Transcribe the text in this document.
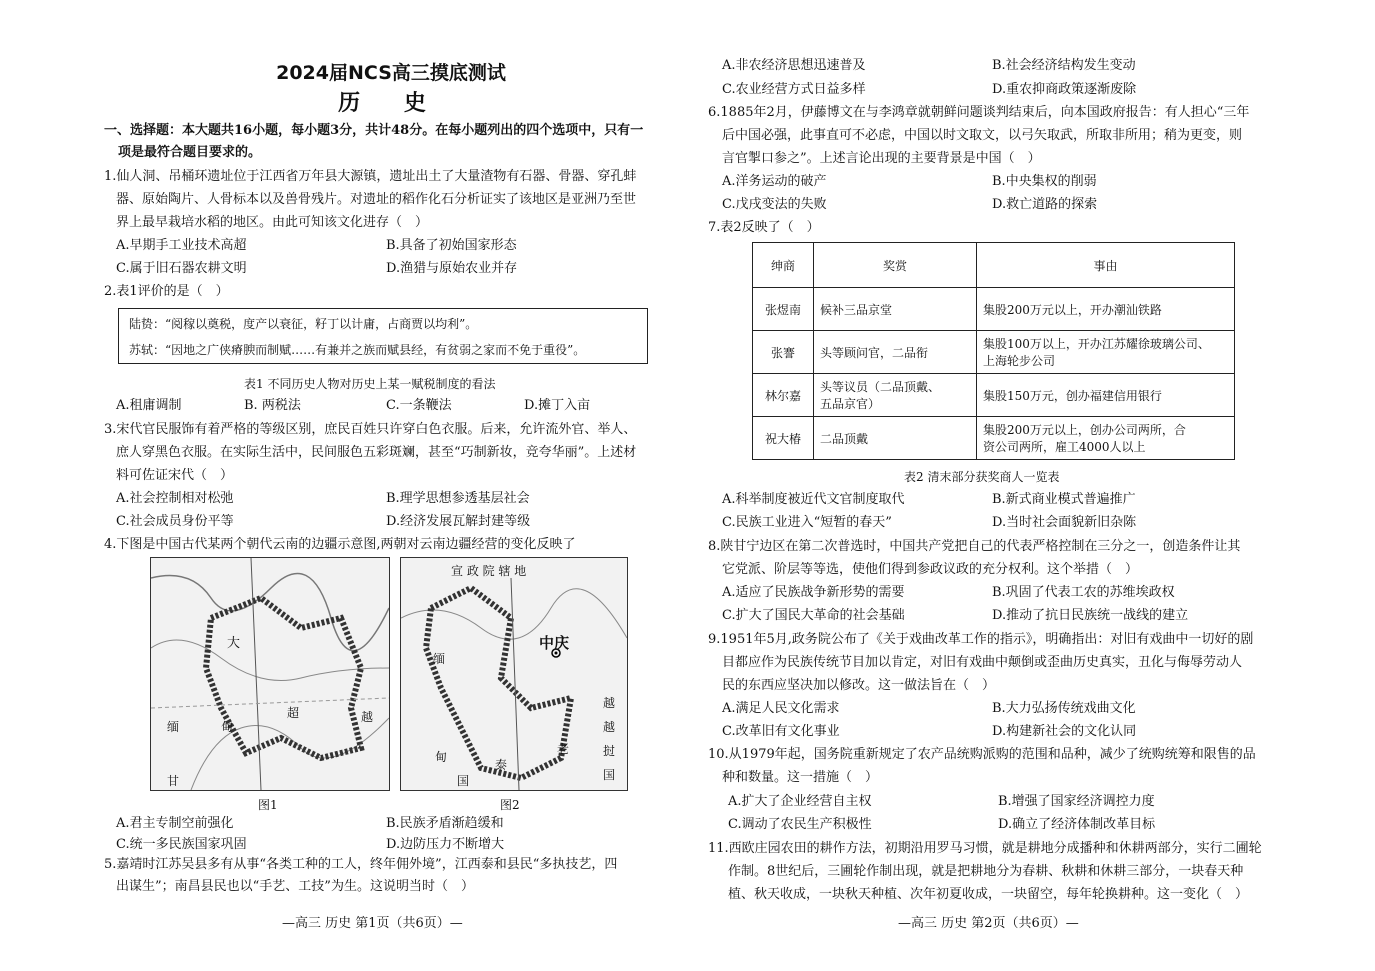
2024届NCS高三摸底测试
历 史
一、选择题：本大题共16小题，每小题3分，共计48分。在每小题列出的四个选项中，只有一
项是最符合题目要求的。
1.仙人洞、吊桶环遗址位于江西省万年县大源镇，遗址出土了大量渣物有石器、骨器、穿孔蚌
器、原始陶片、人骨标本以及兽骨残片。对遗址的稻作化石分析证实了该地区是亚洲乃至世
界上最早栽培水稻的地区。由此可知该文化进存（　）
A.早期手工业技术高超	B.具备了初始国家形态
C.属于旧石器农耕文明	D.渔猎与原始农业并存
2.表1评价的是（　）
陆贽：“阅稼以奠税，度产以衰征，籽丁以计庸，占商贾以均利”。
苏轼：“因地之广侠瘠腴而制赋……有兼并之族而赋县经，有贫弱之家而不免于重役”。
表1 不同历史人物对历史上某一赋税制度的看法
A.租庸调制	B. 两税法	C.一条鞭法	D.摊丁入亩
3.宋代官民服饰有着严格的等级区别，庶民百姓只许穿白色衣服。后来，允许流外官、举人、
庶人穿黑色衣服。在实际生活中，民间服色五彩斑斓，甚至“巧制新妆，竞夸华丽”。上述材
料可佐证宋代（　）
A.社会控制相对松弛	B.理学思想参透基层社会
C.社会成员身份平等	D.经济发展瓦解封建等级
4.下图是中国古代某两个朝代云南的边疆示意图,两朝对云南边疆经营的变化反映了
大
越
缅
超
甸
甘
宣 政 院 辖 地
中庆
缅
甸
越
国
泰
老
越
挝
国
图1	图2
A.君主专制空前强化	B.民族矛盾渐趋缓和
C.统一多民族国家巩固	D.边防压力不断增大
5.嘉靖时江苏吴县多有从事“各类工种的工人，终年佣外境”，江西泰和县民“多执技艺，四
出谋生”；南昌县民也以“手艺、工技”为生。这说明当时（　）
—高三 历史 第1页（共6页）—
A.非农经济思想迅速普及	B.社会经济结构发生变动
C.农业经营方式日益多样	D.重农抑商政策逐渐废除
6.1885年2月，伊藤博文在与李鸿章就朝鲜问题谈判结束后，向本国政府报告：有人担心“三年
后中国必强，此事直可不必虑，中国以时文取文，以弓矢取武，所取非所用；稍为更变，则
言官掣口参之”。上述言论出现的主要背景是中国（　）
A.洋务运动的破产	B.中央集权的削弱
C.戊戌变法的失败	D.救亡道路的探索
7.表2反映了（　）
绅商	奖赏	事由
张煜南	候补三品京堂	集股200万元以上，开办潮汕铁路
张謇	头等顾问官，二品衔	集股100万以上，开办江苏耀徐玻璃公司、
上海轮步公司
林尔嘉	头等议员（二品顶戴、
五品京官）	集股150万元，创办福建信用银行
祝大椿	二品顶戴	集股200万元以上，创办公司两所，合
资公司两所，雇工4000人以上
表2 清末部分获奖商人一览表
A.科举制度被近代文官制度取代	B.新式商业模式普遍推广
C.民族工业进入“短暂的春天”	D.当时社会面貌新旧杂陈
8.陕甘宁边区在第二次普选时，中国共产党把自己的代表严格控制在三分之一，创造条件让其
它党派、阶层等等选，使他们得到参政议政的充分权利。这个举措（　）
A.适应了民族战争新形势的需要	B.巩固了代表工农的苏维埃政权
C.扩大了国民大革命的社会基础	D.推动了抗日民族统一战线的建立
9.1951年5月,政务院公布了《关于戏曲改革工作的指示》，明确指出：对旧有戏曲中一切好的剧
目都应作为民族传统节目加以肯定，对旧有戏曲中颠倒或歪曲历史真实，丑化与侮辱劳动人
民的东西应坚决加以修改。这一做法旨在（　）
A.满足人民文化需求	B.大力弘扬传统戏曲文化
C.改革旧有文化事业	D.构建新社会的文化认同
10.从1979年起，国务院重新规定了农产品统购派购的范围和品种，减少了统购统筹和限售的品
种和数量。这一措施（　）
A.扩大了企业经营自主权	B.增强了国家经济调控力度
C.调动了农民生产积极性	D.确立了经济体制改革目标
11.西欧庄园农田的耕作方法，初期沿用罗马习惯，就是耕地分成播种和休耕两部分，实行二圃轮
作制。8世纪后，三圃轮作制出现，就是把耕地分为春耕、秋耕和休耕三部分，一块春天种
植、秋天收成，一块秋天种植、次年初夏收成，一块留空，每年轮换耕种。这一变化（　）
—高三 历史 第2页（共6页）—
